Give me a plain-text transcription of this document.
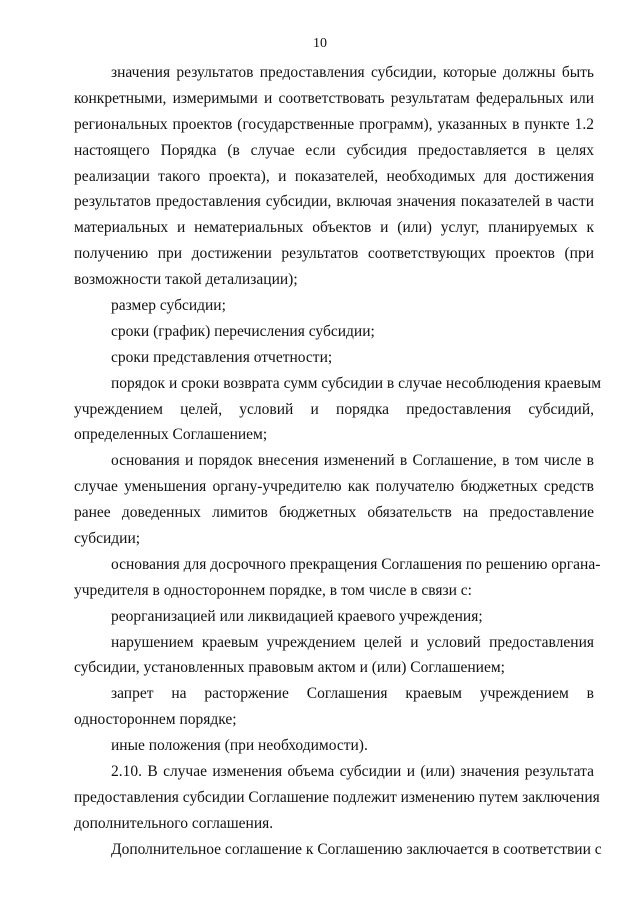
10
значения результатов предоставления субсидии, которые должны быть
конкретными, измеримыми и соответствовать результатам федеральных или
региональных проектов (государственные программ), указанных в пункте 1.2
настоящего Порядка (в случае если субсидия предоставляется в целях
реализации такого проекта), и показателей, необходимых для достижения
результатов предоставления субсидии, включая значения показателей в части
материальных и нематериальных объектов и (или) услуг, планируемых к
получению при достижении результатов соответствующих проектов (при
возможности такой детализации);
размер субсидии;
сроки (график) перечисления субсидии;
сроки представления отчетности;
порядок и сроки возврата сумм субсидии в случае несоблюдения краевым
учреждением целей, условий и порядка предоставления субсидий,
определенных Соглашением;
основания и порядок внесения изменений в Соглашение, в том числе в
случае уменьшения органу-учредителю как получателю бюджетных средств
ранее доведенных лимитов бюджетных обязательств на предоставление
субсидии;
основания для досрочного прекращения Соглашения по решению органа-
учредителя в одностороннем порядке, в том числе в связи с:
реорганизацией или ликвидацией краевого учреждения;
нарушением краевым учреждением целей и условий предоставления
субсидии, установленных правовым актом и (или) Соглашением;
запрет на расторжение Соглашения краевым учреждением в
одностороннем порядке;
иные положения (при необходимости).
2.10. В случае изменения объема субсидии и (или) значения результата
предоставления субсидии Соглашение подлежит изменению путем заключения
дополнительного соглашения.
Дополнительное соглашение к Соглашению заключается в соответствии с
